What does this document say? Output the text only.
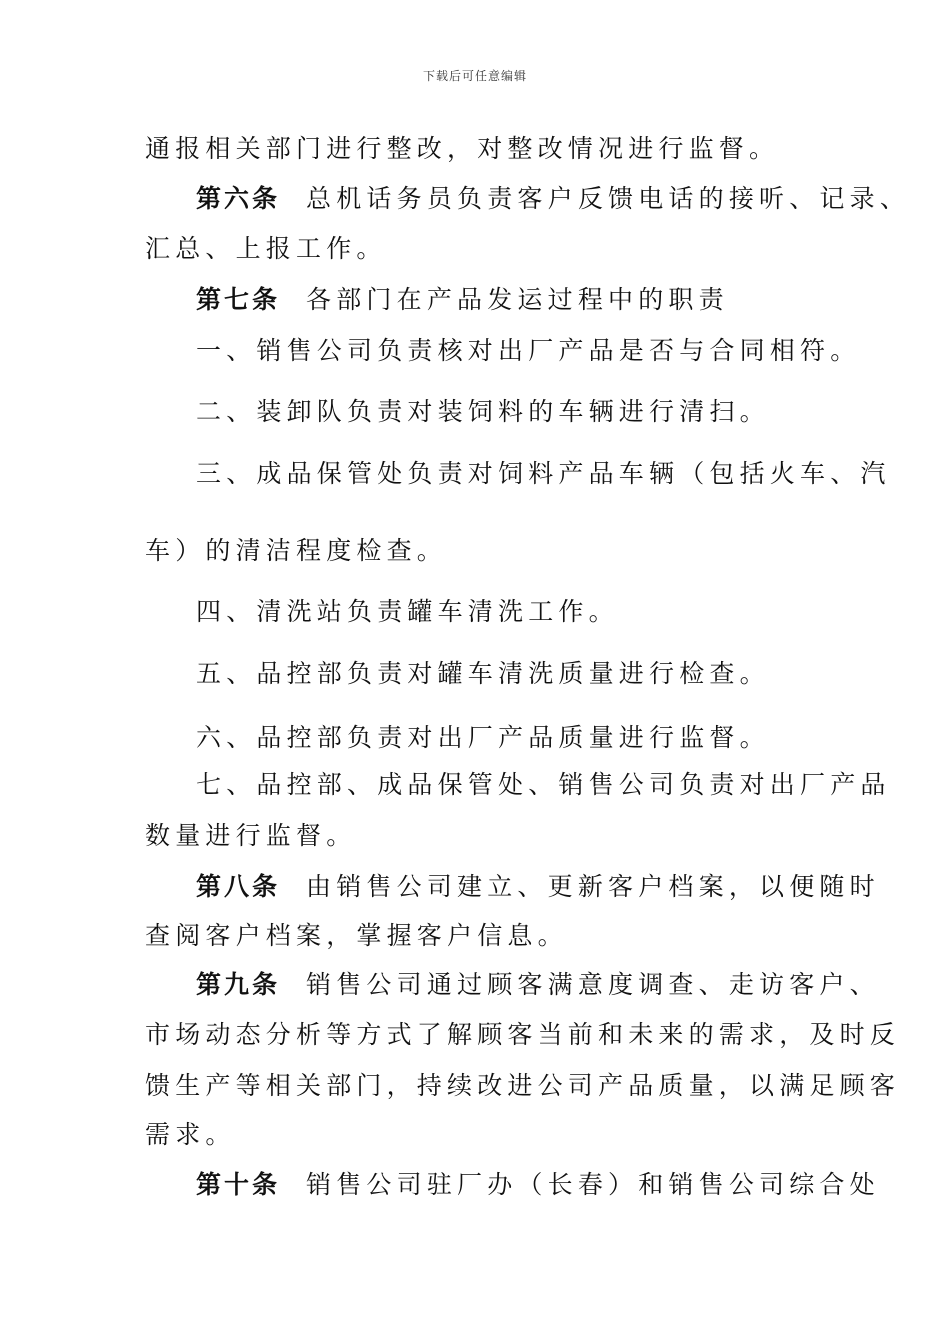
下载后可任意编辑
通报相关部门进行整改，对整改情况进行监督。
第六条 总机话务员负责客户反馈电话的接听、记录、
汇总、上报工作。
第七条 各部门在产品发运过程中的职责
一、销售公司负责核对出厂产品是否与合同相符。
二、装卸队负责对装饲料的车辆进行清扫。
三、成品保管处负责对饲料产品车辆（包括火车、汽
车）的清洁程度检查。
四、清洗站负责罐车清洗工作。
五、品控部负责对罐车清洗质量进行检查。
六、品控部负责对出厂产品质量进行监督。
七、品控部、成品保管处、销售公司负责对出厂产品
数量进行监督。
第八条 由销售公司建立、更新客户档案，以便随时
查阅客户档案，掌握客户信息。
第九条 销售公司通过顾客满意度调查、走访客户、
市场动态分析等方式了解顾客当前和未来的需求，及时反
馈生产等相关部门，持续改进公司产品质量，以满足顾客
需求。
第十条 销售公司驻厂办（长春）和销售公司综合处
